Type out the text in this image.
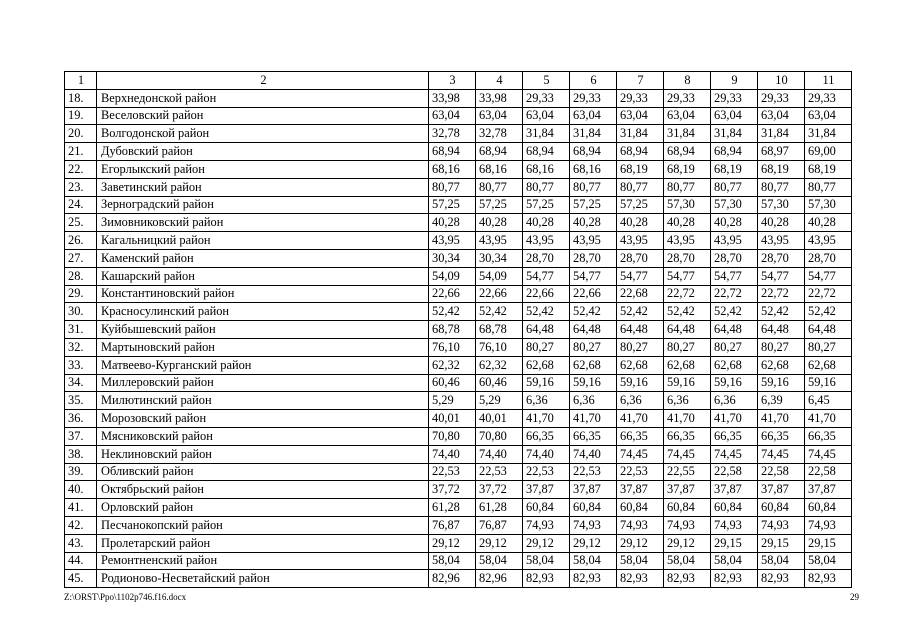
1	2	3	4	5	6	7	8	9	10	11
18.	Верхнедонской район	33,98	33,98	29,33	29,33	29,33	29,33	29,33	29,33	29,33
19.	Веселовский район	63,04	63,04	63,04	63,04	63,04	63,04	63,04	63,04	63,04
20.	Волгодонской район	32,78	32,78	31,84	31,84	31,84	31,84	31,84	31,84	31,84
21.	Дубовский район	68,94	68,94	68,94	68,94	68,94	68,94	68,94	68,97	69,00
22.	Егорлыкский район	68,16	68,16	68,16	68,16	68,19	68,19	68,19	68,19	68,19
23.	Заветинский район	80,77	80,77	80,77	80,77	80,77	80,77	80,77	80,77	80,77
24.	Зерноградский район	57,25	57,25	57,25	57,25	57,25	57,30	57,30	57,30	57,30
25.	Зимовниковский район	40,28	40,28	40,28	40,28	40,28	40,28	40,28	40,28	40,28
26.	Кагальницкий район	43,95	43,95	43,95	43,95	43,95	43,95	43,95	43,95	43,95
27.	Каменский район	30,34	30,34	28,70	28,70	28,70	28,70	28,70	28,70	28,70
28.	Кашарский район	54,09	54,09	54,77	54,77	54,77	54,77	54,77	54,77	54,77
29.	Константиновский район	22,66	22,66	22,66	22,66	22,68	22,72	22,72	22,72	22,72
30.	Красносулинский район	52,42	52,42	52,42	52,42	52,42	52,42	52,42	52,42	52,42
31.	Куйбышевский район	68,78	68,78	64,48	64,48	64,48	64,48	64,48	64,48	64,48
32.	Мартыновский район	76,10	76,10	80,27	80,27	80,27	80,27	80,27	80,27	80,27
33.	Матвеево-Курганский район	62,32	62,32	62,68	62,68	62,68	62,68	62,68	62,68	62,68
34.	Миллеровский район	60,46	60,46	59,16	59,16	59,16	59,16	59,16	59,16	59,16
35.	Милютинский район	5,29	5,29	6,36	6,36	6,36	6,36	6,36	6,39	6,45
36.	Морозовский район	40,01	40,01	41,70	41,70	41,70	41,70	41,70	41,70	41,70
37.	Мясниковский район	70,80	70,80	66,35	66,35	66,35	66,35	66,35	66,35	66,35
38.	Неклиновский район	74,40	74,40	74,40	74,40	74,45	74,45	74,45	74,45	74,45
39.	Обливский район	22,53	22,53	22,53	22,53	22,53	22,55	22,58	22,58	22,58
40.	Октябрьский район	37,72	37,72	37,87	37,87	37,87	37,87	37,87	37,87	37,87
41.	Орловский район	61,28	61,28	60,84	60,84	60,84	60,84	60,84	60,84	60,84
42.	Песчанокопский район	76,87	76,87	74,93	74,93	74,93	74,93	74,93	74,93	74,93
43.	Пролетарский район	29,12	29,12	29,12	29,12	29,12	29,12	29,15	29,15	29,15
44.	Ремонтненский район	58,04	58,04	58,04	58,04	58,04	58,04	58,04	58,04	58,04
45.	Родионово-Несветайский район	82,96	82,96	82,93	82,93	82,93	82,93	82,93	82,93	82,93
Z:\ORST\Ppo\1102p746.f16.docx	29
